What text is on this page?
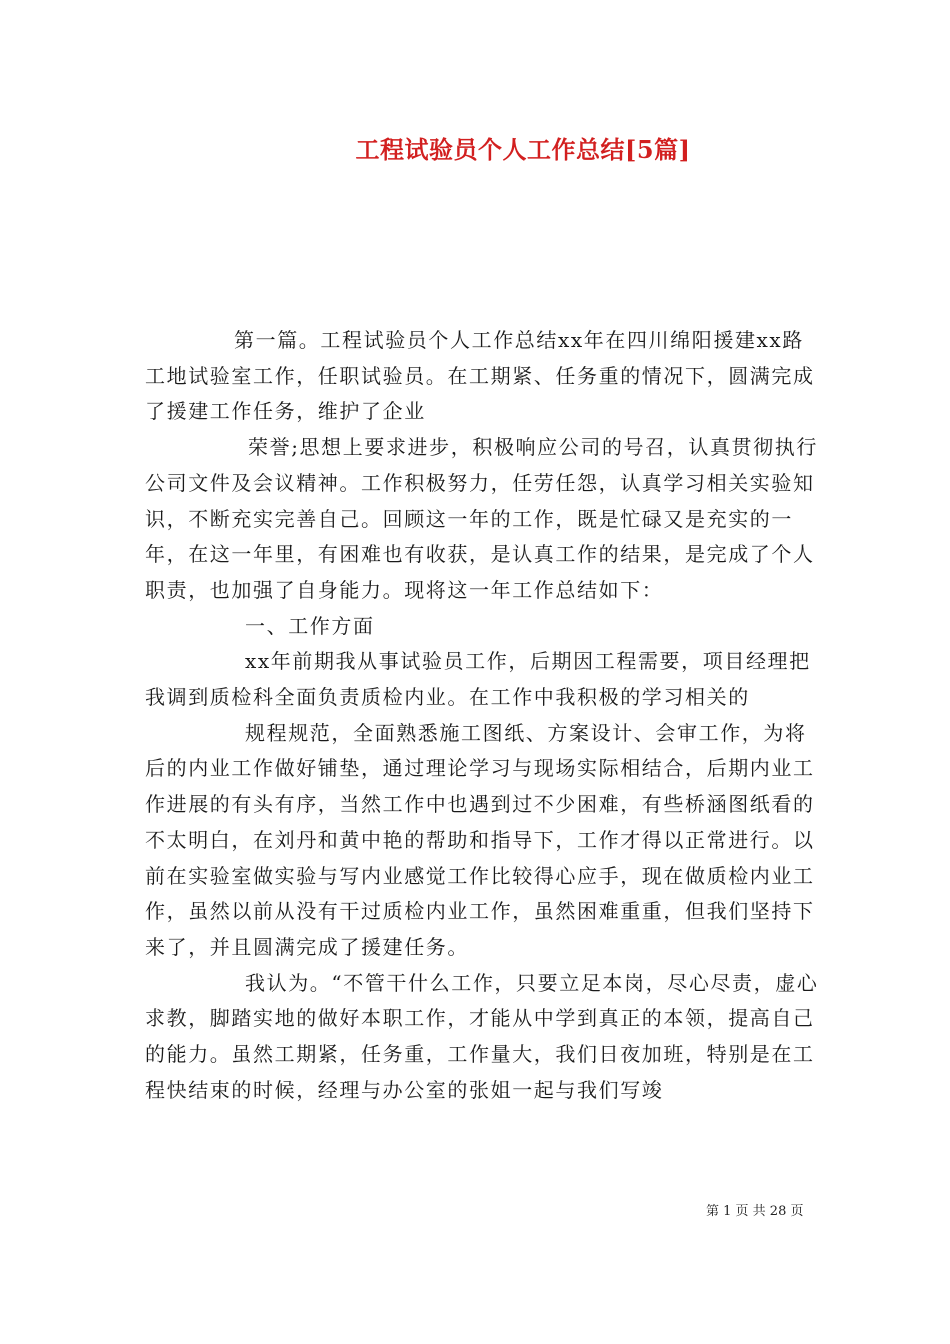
工程试验员个人工作总结[5篇]

第一篇。工程试验员个人工作总结xx年在四川绵阳援建xx路工地试验室工作，任职试验员。在工期紧、任务重的情况下，圆满完成了援建工作任务，维护了企业

荣誉;思想上要求进步，积极响应公司的号召，认真贯彻执行公司文件及会议精神。工作积极努力，任劳任怨，认真学习相关实验知识，不断充实完善自己。回顾这一年的工作，既是忙碌又是充实的一年，在这一年里，有困难也有收获，是认真工作的结果，是完成了个人职责，也加强了自身能力。现将这一年工作总结如下：

一、工作方面

xx年前期我从事试验员工作，后期因工程需要，项目经理把我调到质检科全面负责质检内业。在工作中我积极的学习相关的

规程规范，全面熟悉施工图纸、方案设计、会审工作，为将后的内业工作做好铺垫，通过理论学习与现场实际相结合，后期内业工作进展的有头有序，当然工作中也遇到过不少困难，有些桥涵图纸看的不太明白，在刘丹和黄中艳的帮助和指导下，工作才得以正常进行。以前在实验室做实验与写内业感觉工作比较得心应手，现在做质检内业工作，虽然以前从没有干过质检内业工作，虽然困难重重，但我们坚持下来了，并且圆满完成了援建任务。

我认为。“不管干什么工作，只要立足本岗，尽心尽责，虚心求教，脚踏实地的做好本职工作，才能从中学到真正的本领，提高自己的能力。虽然工期紧，任务重，工作量大，我们日夜加班，特别是在工程快结束的时候，经理与办公室的张姐一起与我们写竣

第 1 页 共 28 页
